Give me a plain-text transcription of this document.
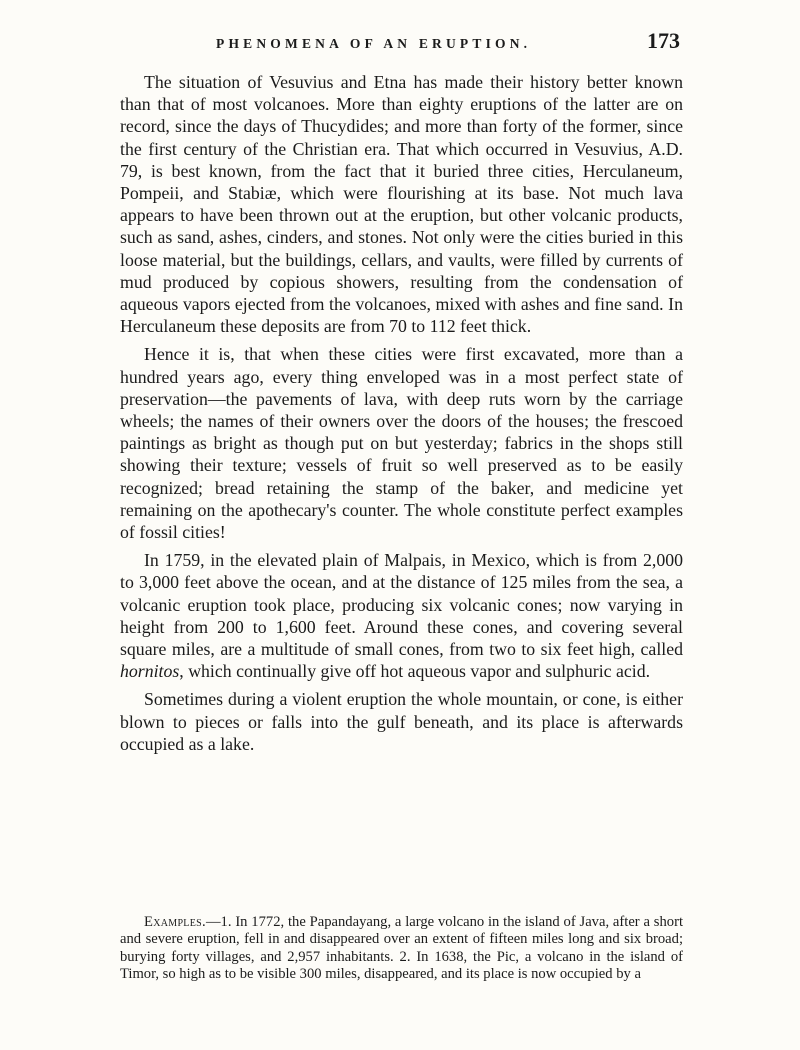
PHENOMENA OF AN ERUPTION.	173

The situation of Vesuvius and Etna has made their history better known than that of most volcanoes. More than eighty eruptions of the latter are on record, since the days of Thucydides; and more than forty of the former, since the first century of the Christian era. That which occurred in Vesuvius, A.D. 79, is best known, from the fact that it buried three cities, Herculaneum, Pompeii, and Stabiæ, which were flourishing at its base. Not much lava appears to have been thrown out at the eruption, but other volcanic products, such as sand, ashes, cinders, and stones. Not only were the cities buried in this loose material, but the buildings, cellars, and vaults, were filled by currents of mud produced by copious showers, resulting from the condensation of aqueous vapors ejected from the volcanoes, mixed with ashes and fine sand. In Herculaneum these deposits are from 70 to 112 feet thick.

Hence it is, that when these cities were first excavated, more than a hundred years ago, every thing enveloped was in a most perfect state of preservation—the pavements of lava, with deep ruts worn by the carriage wheels; the names of their owners over the doors of the houses; the frescoed paintings as bright as though put on but yesterday; fabrics in the shops still showing their texture; vessels of fruit so well preserved as to be easily recognized; bread retaining the stamp of the baker, and medicine yet remaining on the apothecary's counter. The whole constitute perfect examples of fossil cities!

In 1759, in the elevated plain of Malpais, in Mexico, which is from 2,000 to 3,000 feet above the ocean, and at the distance of 125 miles from the sea, a volcanic eruption took place, producing six volcanic cones; now varying in height from 200 to 1,600 feet. Around these cones, and covering several square miles, are a multitude of small cones, from two to six feet high, called hornitos, which continually give off hot aqueous vapor and sulphuric acid.

Sometimes during a violent eruption the whole mountain, or cone, is either blown to pieces or falls into the gulf beneath, and its place is afterwards occupied as a lake.

Examples.—1. In 1772, the Papandayang, a large volcano in the island of Java, after a short and severe eruption, fell in and disappeared over an extent of fifteen miles long and six broad; burying forty villages, and 2,957 inhabitants. 2. In 1638, the Pic, a volcano in the island of Timor, so high as to be visible 300 miles, disappeared, and its place is now occupied by a
